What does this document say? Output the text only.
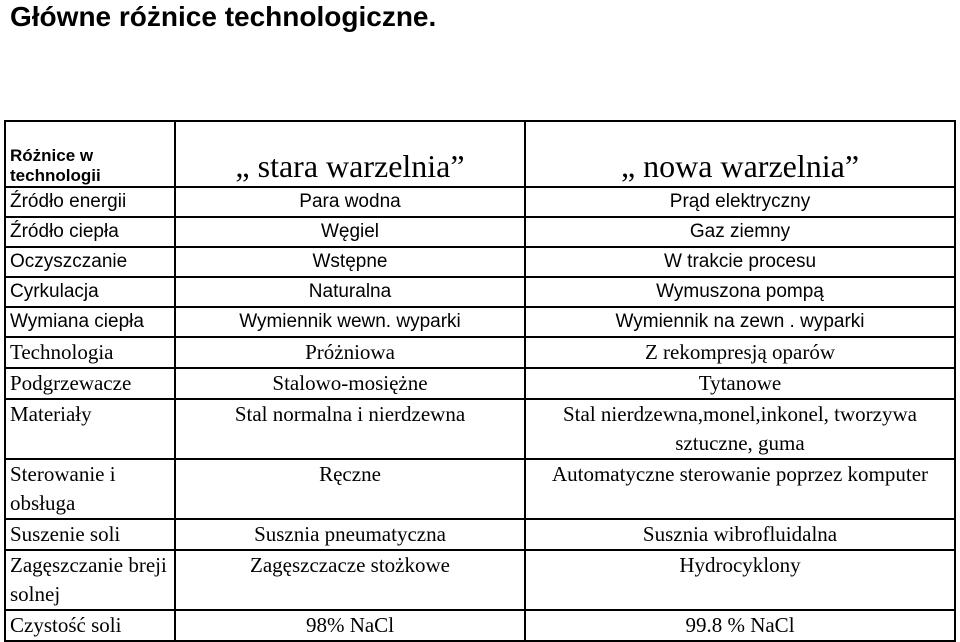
Główne różnice technologiczne.
Różnice w technologii	„ stara warzelnia”	„ nowa warzelnia”
Źródło energii	Para wodna	Prąd elektryczny
Źródło ciepła	Węgiel	Gaz ziemny
Oczyszczanie	Wstępne	W trakcie procesu
Cyrkulacja	Naturalna	Wymuszona pompą
Wymiana ciepła	Wymiennik wewn. wyparki	Wymiennik na zewn . wyparki
Technologia	Próżniowa	Z rekompresją oparów
Podgrzewacze	Stalowo-mosiężne	Tytanowe
Materiały	Stal normalna i nierdzewna	Stal nierdzewna,monel,inkonel, tworzywa sztuczne, guma
Sterowanie i obsługa	Ręczne	Automatyczne sterowanie poprzez komputer
Suszenie soli	Susznia pneumatyczna	Susznia wibrofluidalna
Zagęszczanie breji solnej	Zagęszczacze stożkowe	Hydrocyklony
Czystość soli	98% NaCl	99.8 % NaCl
